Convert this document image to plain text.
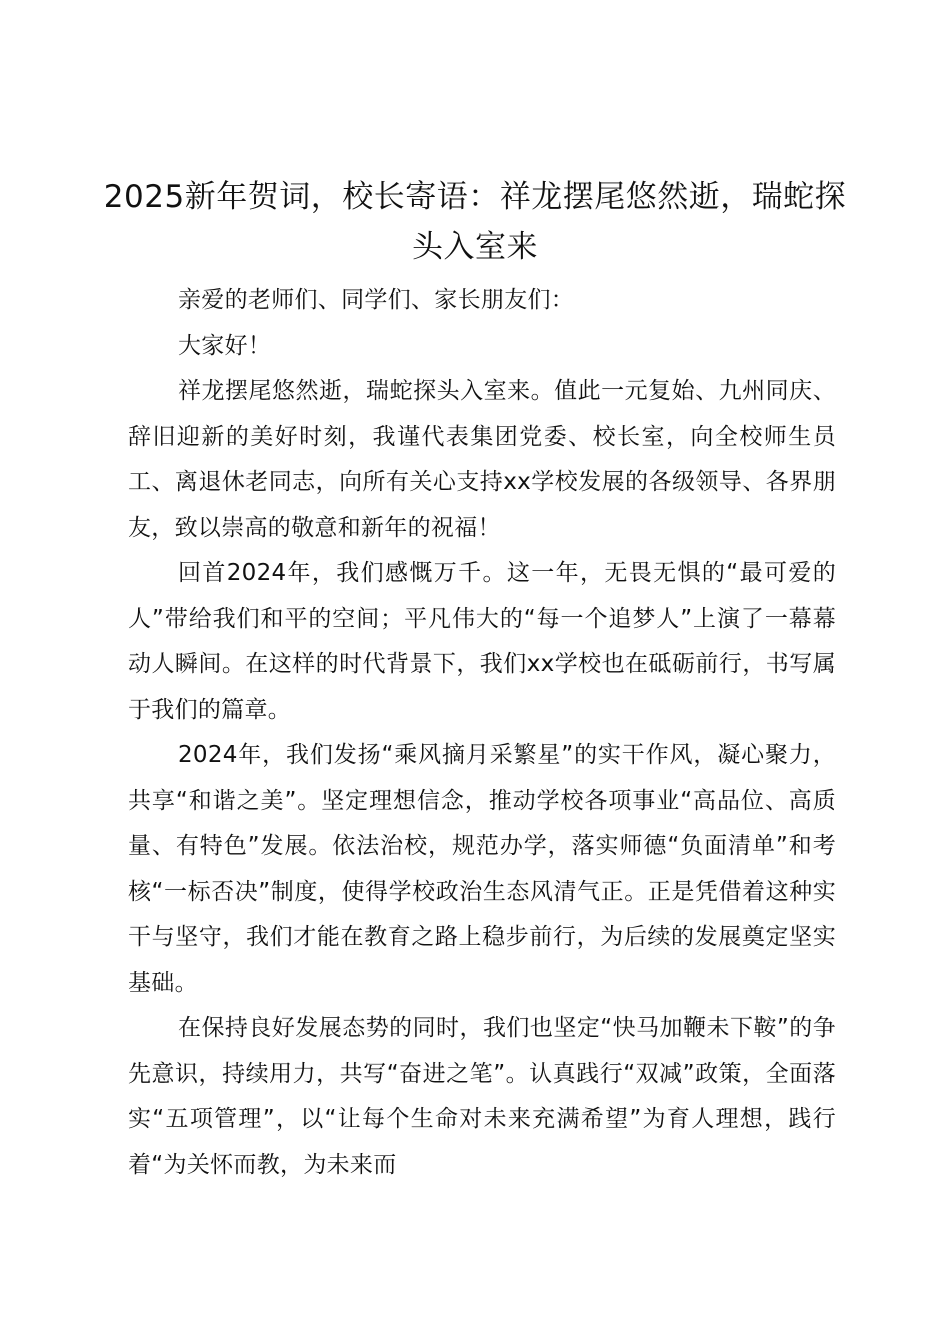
2025新年贺词，校长寄语：祥龙摆尾悠然逝，瑞蛇探头入室来

亲爱的老师们、同学们、家长朋友们：

大家好！

祥龙摆尾悠然逝，瑞蛇探头入室来。值此一元复始、九州同庆、辞旧迎新的美好时刻，我谨代表集团党委、校长室，向全校师生员工、离退休老同志，向所有关心支持xx学校发展的各级领导、各界朋友，致以崇高的敬意和新年的祝福！

回首2024年，我们感慨万千。这一年，无畏无惧的“最可爱的人”带给我们和平的空间；平凡伟大的“每一个追梦人”上演了一幕幕动人瞬间。在这样的时代背景下，我们xx学校也在砥砺前行，书写属于我们的篇章。

2024年，我们发扬“乘风摘月采繁星”的实干作风，凝心聚力，共享“和谐之美”。坚定理想信念，推动学校各项事业“高品位、高质量、有特色”发展。依法治校，规范办学，落实师德“负面清单”和考核“一标否决”制度，使得学校政治生态风清气正。正是凭借着这种实干与坚守，我们才能在教育之路上稳步前行，为后续的发展奠定坚实基础。

在保持良好发展态势的同时，我们也坚定“快马加鞭未下鞍”的争先意识，持续用力，共写“奋进之笔”。认真践行“双减”政策，全面落实“五项管理”，以“让每个生命对未来充满希望”为育人理想，践行着“为关怀而教，为未来而
